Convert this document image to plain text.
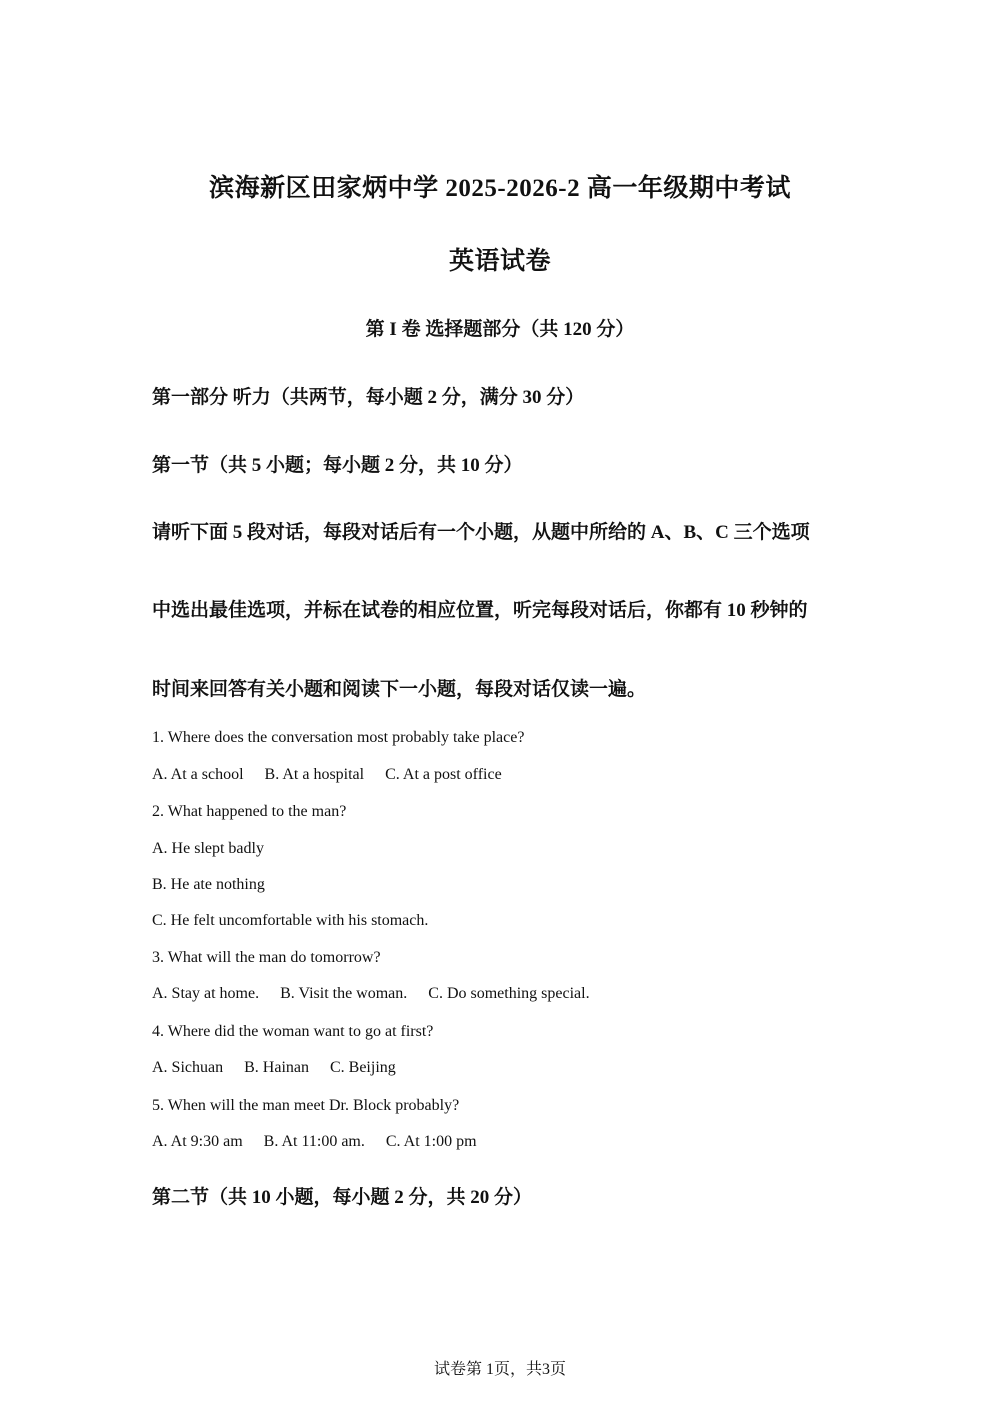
滨海新区田家炳中学 2025-2026-2 高一年级期中考试
英语试卷
第 I 卷 选择题部分（共 120 分）
第一部分 听力（共两节，每小题 2 分，满分 30 分）
第一节（共 5 小题；每小题 2 分，共 10 分）
请听下面 5 段对话，每段对话后有一个小题，从题中所给的 A、B、C 三个选项
中选出最佳选项，并标在试卷的相应位置，听完每段对话后，你都有 10 秒钟的
时间来回答有关小题和阅读下一小题，每段对话仅读一遍。
1. Where does the conversation most probably take place?
A. At a school B. At a hospital C. At a post office
2. What happened to the man?
A. He slept badly
B. He ate nothing
C. He felt uncomfortable with his stomach.
3. What will the man do tomorrow?
A. Stay at home. B. Visit the woman. C. Do something special.
4. Where did the woman want to go at first?
A. Sichuan B. Hainan C. Beijing
5. When will the man meet Dr. Block probably?
A. At 9:30 am B. At 11:00 am. C. At 1:00 pm
第二节（共 10 小题，每小题 2 分，共 20 分）
试卷第 1页，共3页
